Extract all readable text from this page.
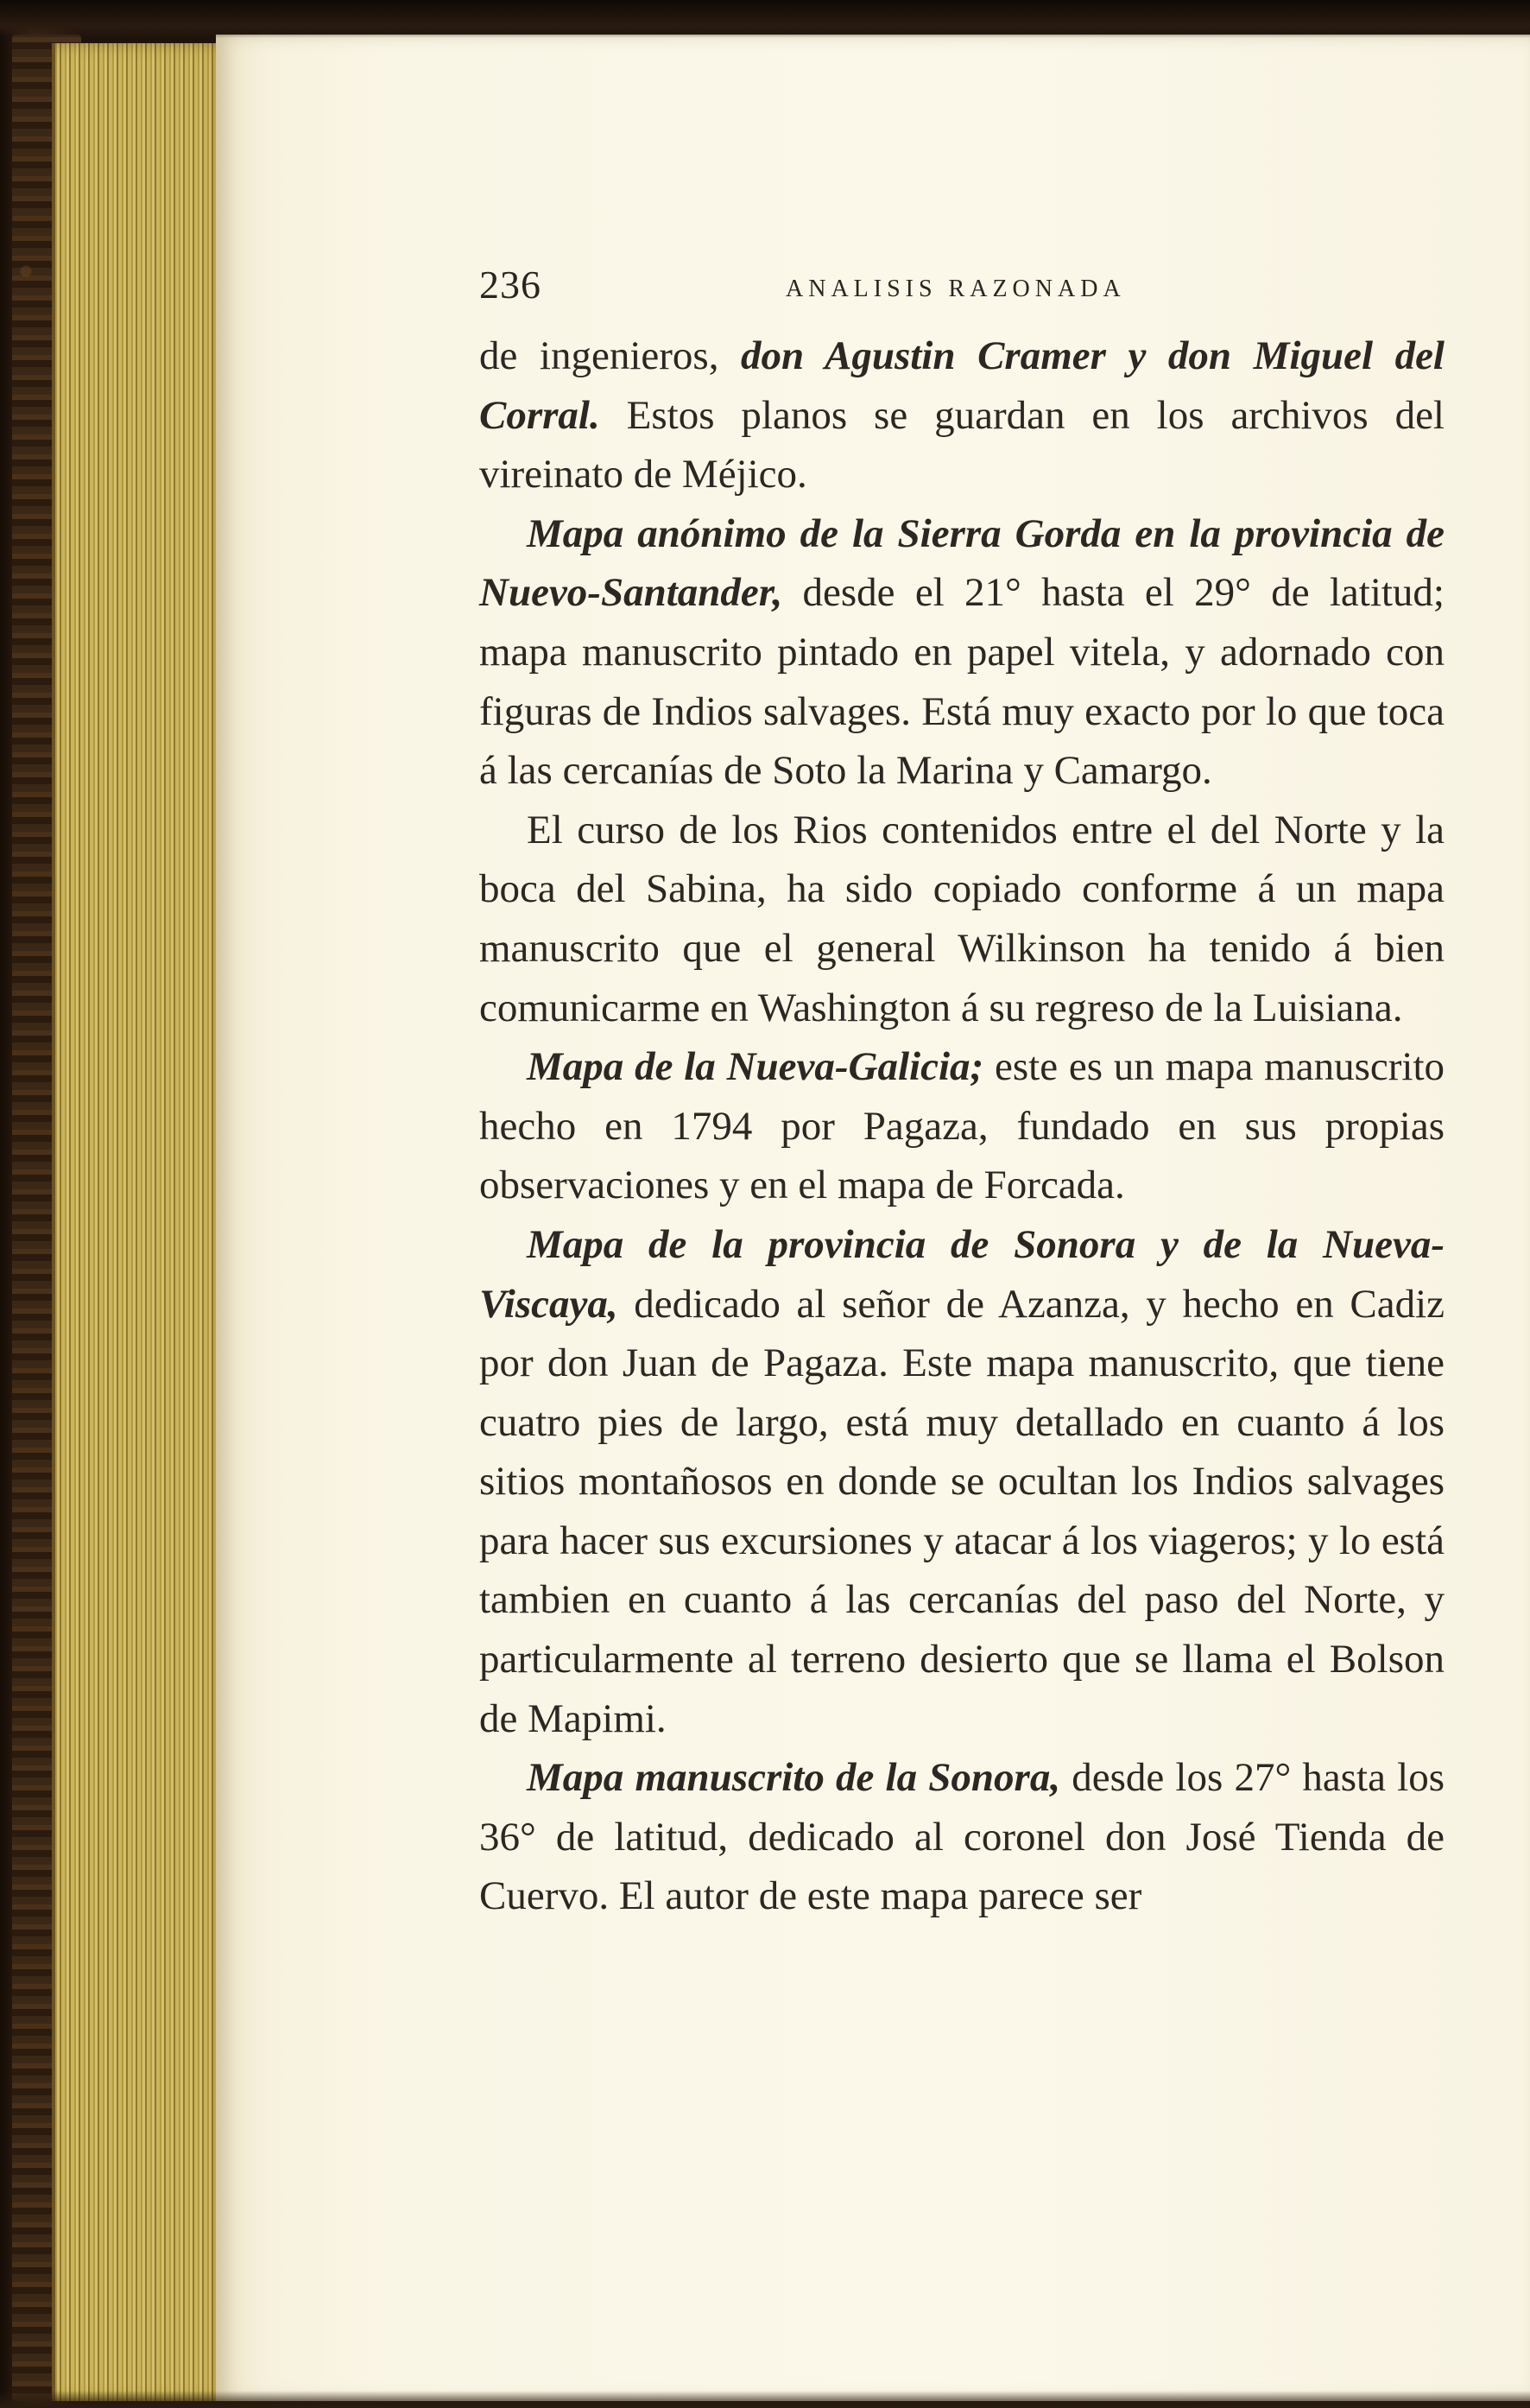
236	ANALISIS RAZONADA

de ingenieros, don Agustin Cramer y don Miguel del Corral. Estos planos se guardan en los archivos del vireinato de Méjico.

Mapa anónimo de la Sierra Gorda en la provincia de Nuevo-Santander, desde el 21° hasta el 29° de latitud; mapa manuscrito pintado en papel vitela, y adornado con figuras de Indios salvages. Está muy exacto por lo que toca á las cercanías de Soto la Marina y Camargo.

El curso de los Rios contenidos entre el del Norte y la boca del Sabina, ha sido copiado conforme á un mapa manuscrito que el general Wilkinson ha tenido á bien comunicarme en Washington á su regreso de la Luisiana.

Mapa de la Nueva-Galicia; este es un mapa manuscrito hecho en 1794 por Pagaza, fundado en sus propias observaciones y en el mapa de Forcada.

Mapa de la provincia de Sonora y de la Nueva-Viscaya, dedicado al señor de Azanza, y hecho en Cadiz por don Juan de Pagaza. Este mapa manuscrito, que tiene cuatro pies de largo, está muy detallado en cuanto á los sitios montañosos en donde se ocultan los Indios salvages para hacer sus excursiones y atacar á los viageros; y lo está tambien en cuanto á las cercanías del paso del Norte, y particularmente al terreno desierto que se llama el Bolson de Mapimi.

Mapa manuscrito de la Sonora, desde los 27° hasta los 36° de latitud, dedicado al coronel don José Tienda de Cuervo. El autor de este mapa parece ser
